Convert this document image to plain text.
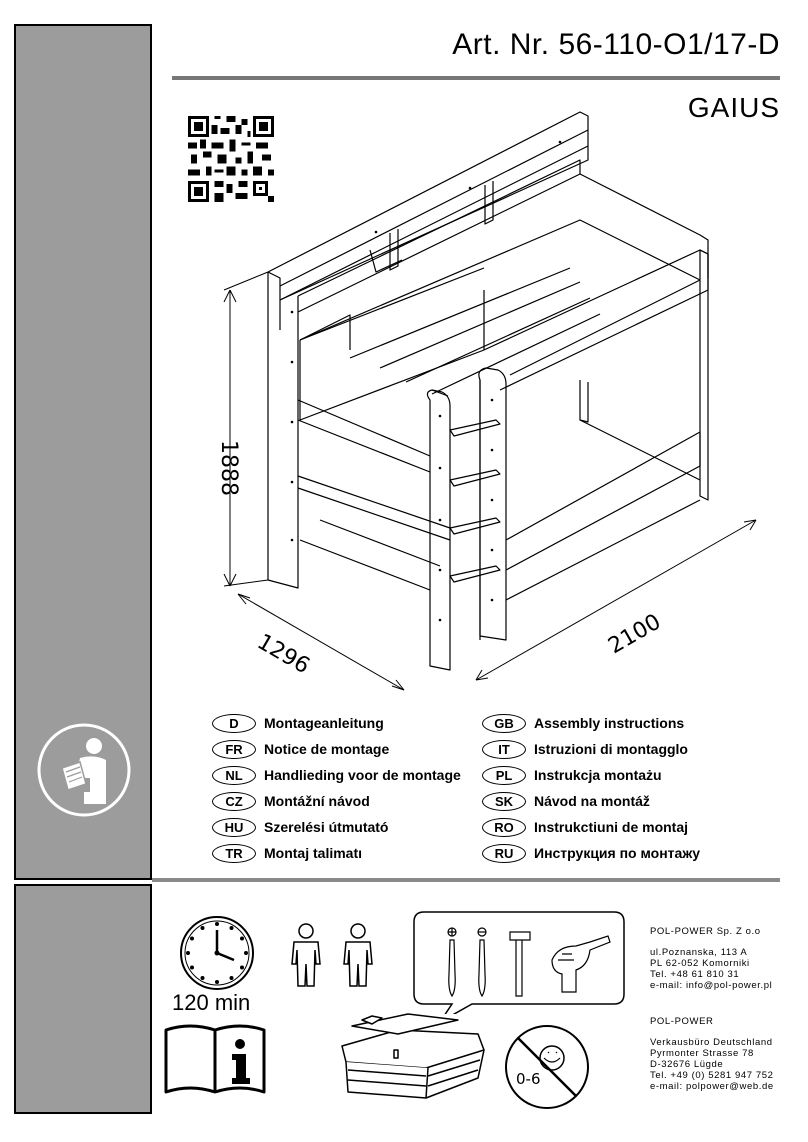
Art. Nr. 56-110-O1/17-D
GAIUS
1888
1296	2100
D	Montageanleitung	GB	Assembly instructions
FR	Notice de montage	IT	Istruzioni di montagglo
NL	Handlieding voor de montage	PL	Instrukcja montażu
CZ	Montážní návod	SK	Návod na montáž
HU	Szerelési útmutató	RO	Instrukctiuni de montaj
TR	Montaj talimatı	RU	Инструкция по монтажу
120 min
0-6
POL-POWER Sp. Z o.o
ul.Poznanska, 113 A
PL 62-052 Komorniki
Tel. +48 61 810 31
e-mail: info@pol-power.pl
POL-POWER
Verkausbüro Deutschland
Pyrmonter Strasse 78
D-32676 Lügde
Tel. +49 (0) 5281 947 752
e-mail: polpower@web.de
